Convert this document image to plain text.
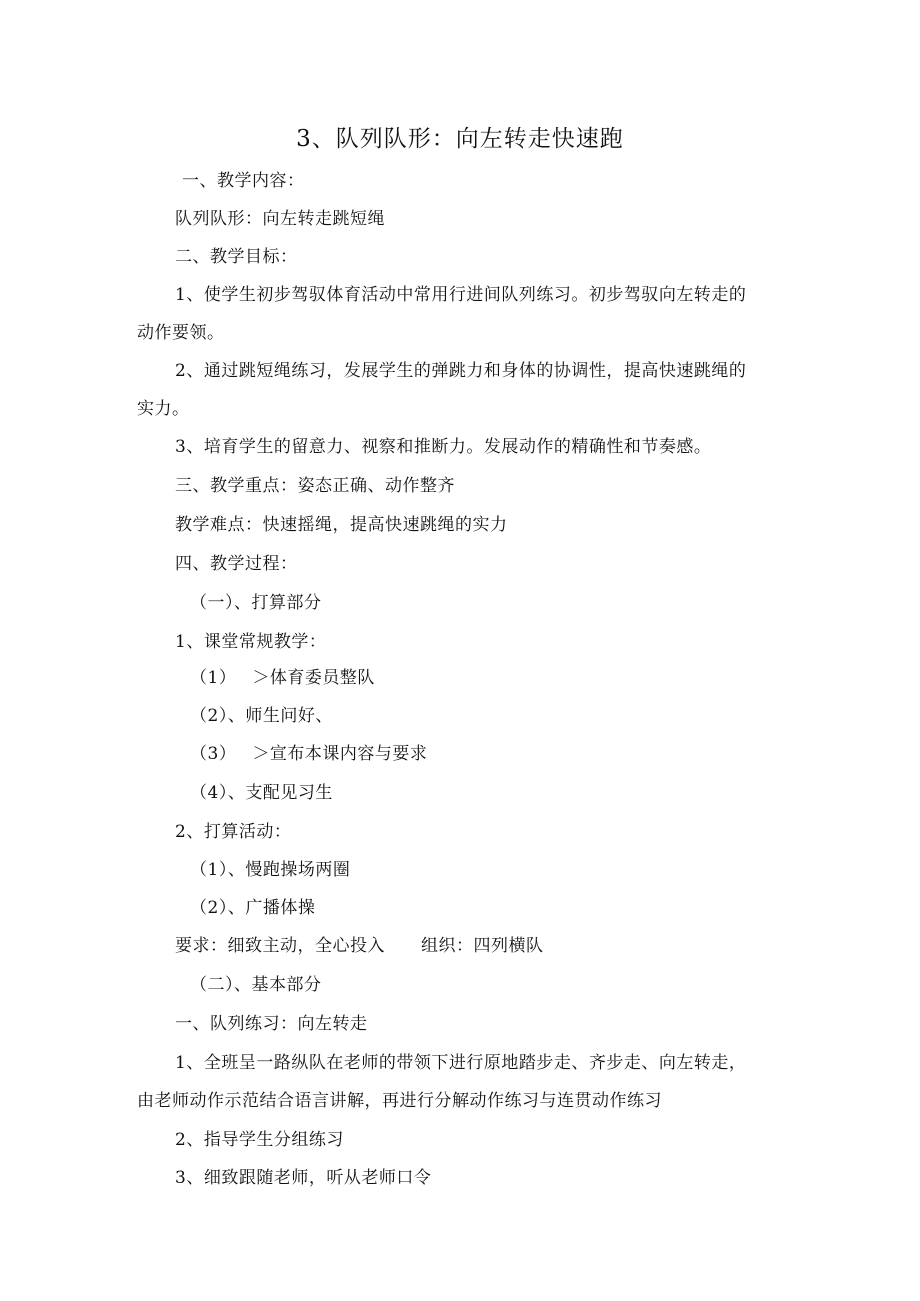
3、队列队形：向左转走快速跑
一、教学内容：
队列队形：向左转走跳短绳
二、教学目标：
1、使学生初步驾驭体育活动中常用行进间队列练习。初步驾驭向左转走的
动作要领。
2、通过跳短绳练习，发展学生的弹跳力和身体的协调性，提高快速跳绳的
实力。
3、培育学生的留意力、视察和推断力。发展动作的精确性和节奏感。
三、教学重点：姿态正确、动作整齐
教学难点：快速摇绳，提高快速跳绳的实力
四、教学过程：
（一）、打算部分
1、课堂常规教学：
（1） ＞体育委员整队
（2）、师生问好、
（3） ＞宣布本课内容与要求
（4）、支配见习生
2、打算活动：
（1）、慢跑操场两圈
（2）、广播体操
要求：细致主动，全心投入 组织：四列横队
（二）、基本部分
一、队列练习：向左转走
1、全班呈一路纵队在老师的带领下进行原地踏步走、齐步走、向左转走，
由老师动作示范结合语言讲解，再进行分解动作练习与连贯动作练习
2、指导学生分组练习
3、细致跟随老师，听从老师口令
